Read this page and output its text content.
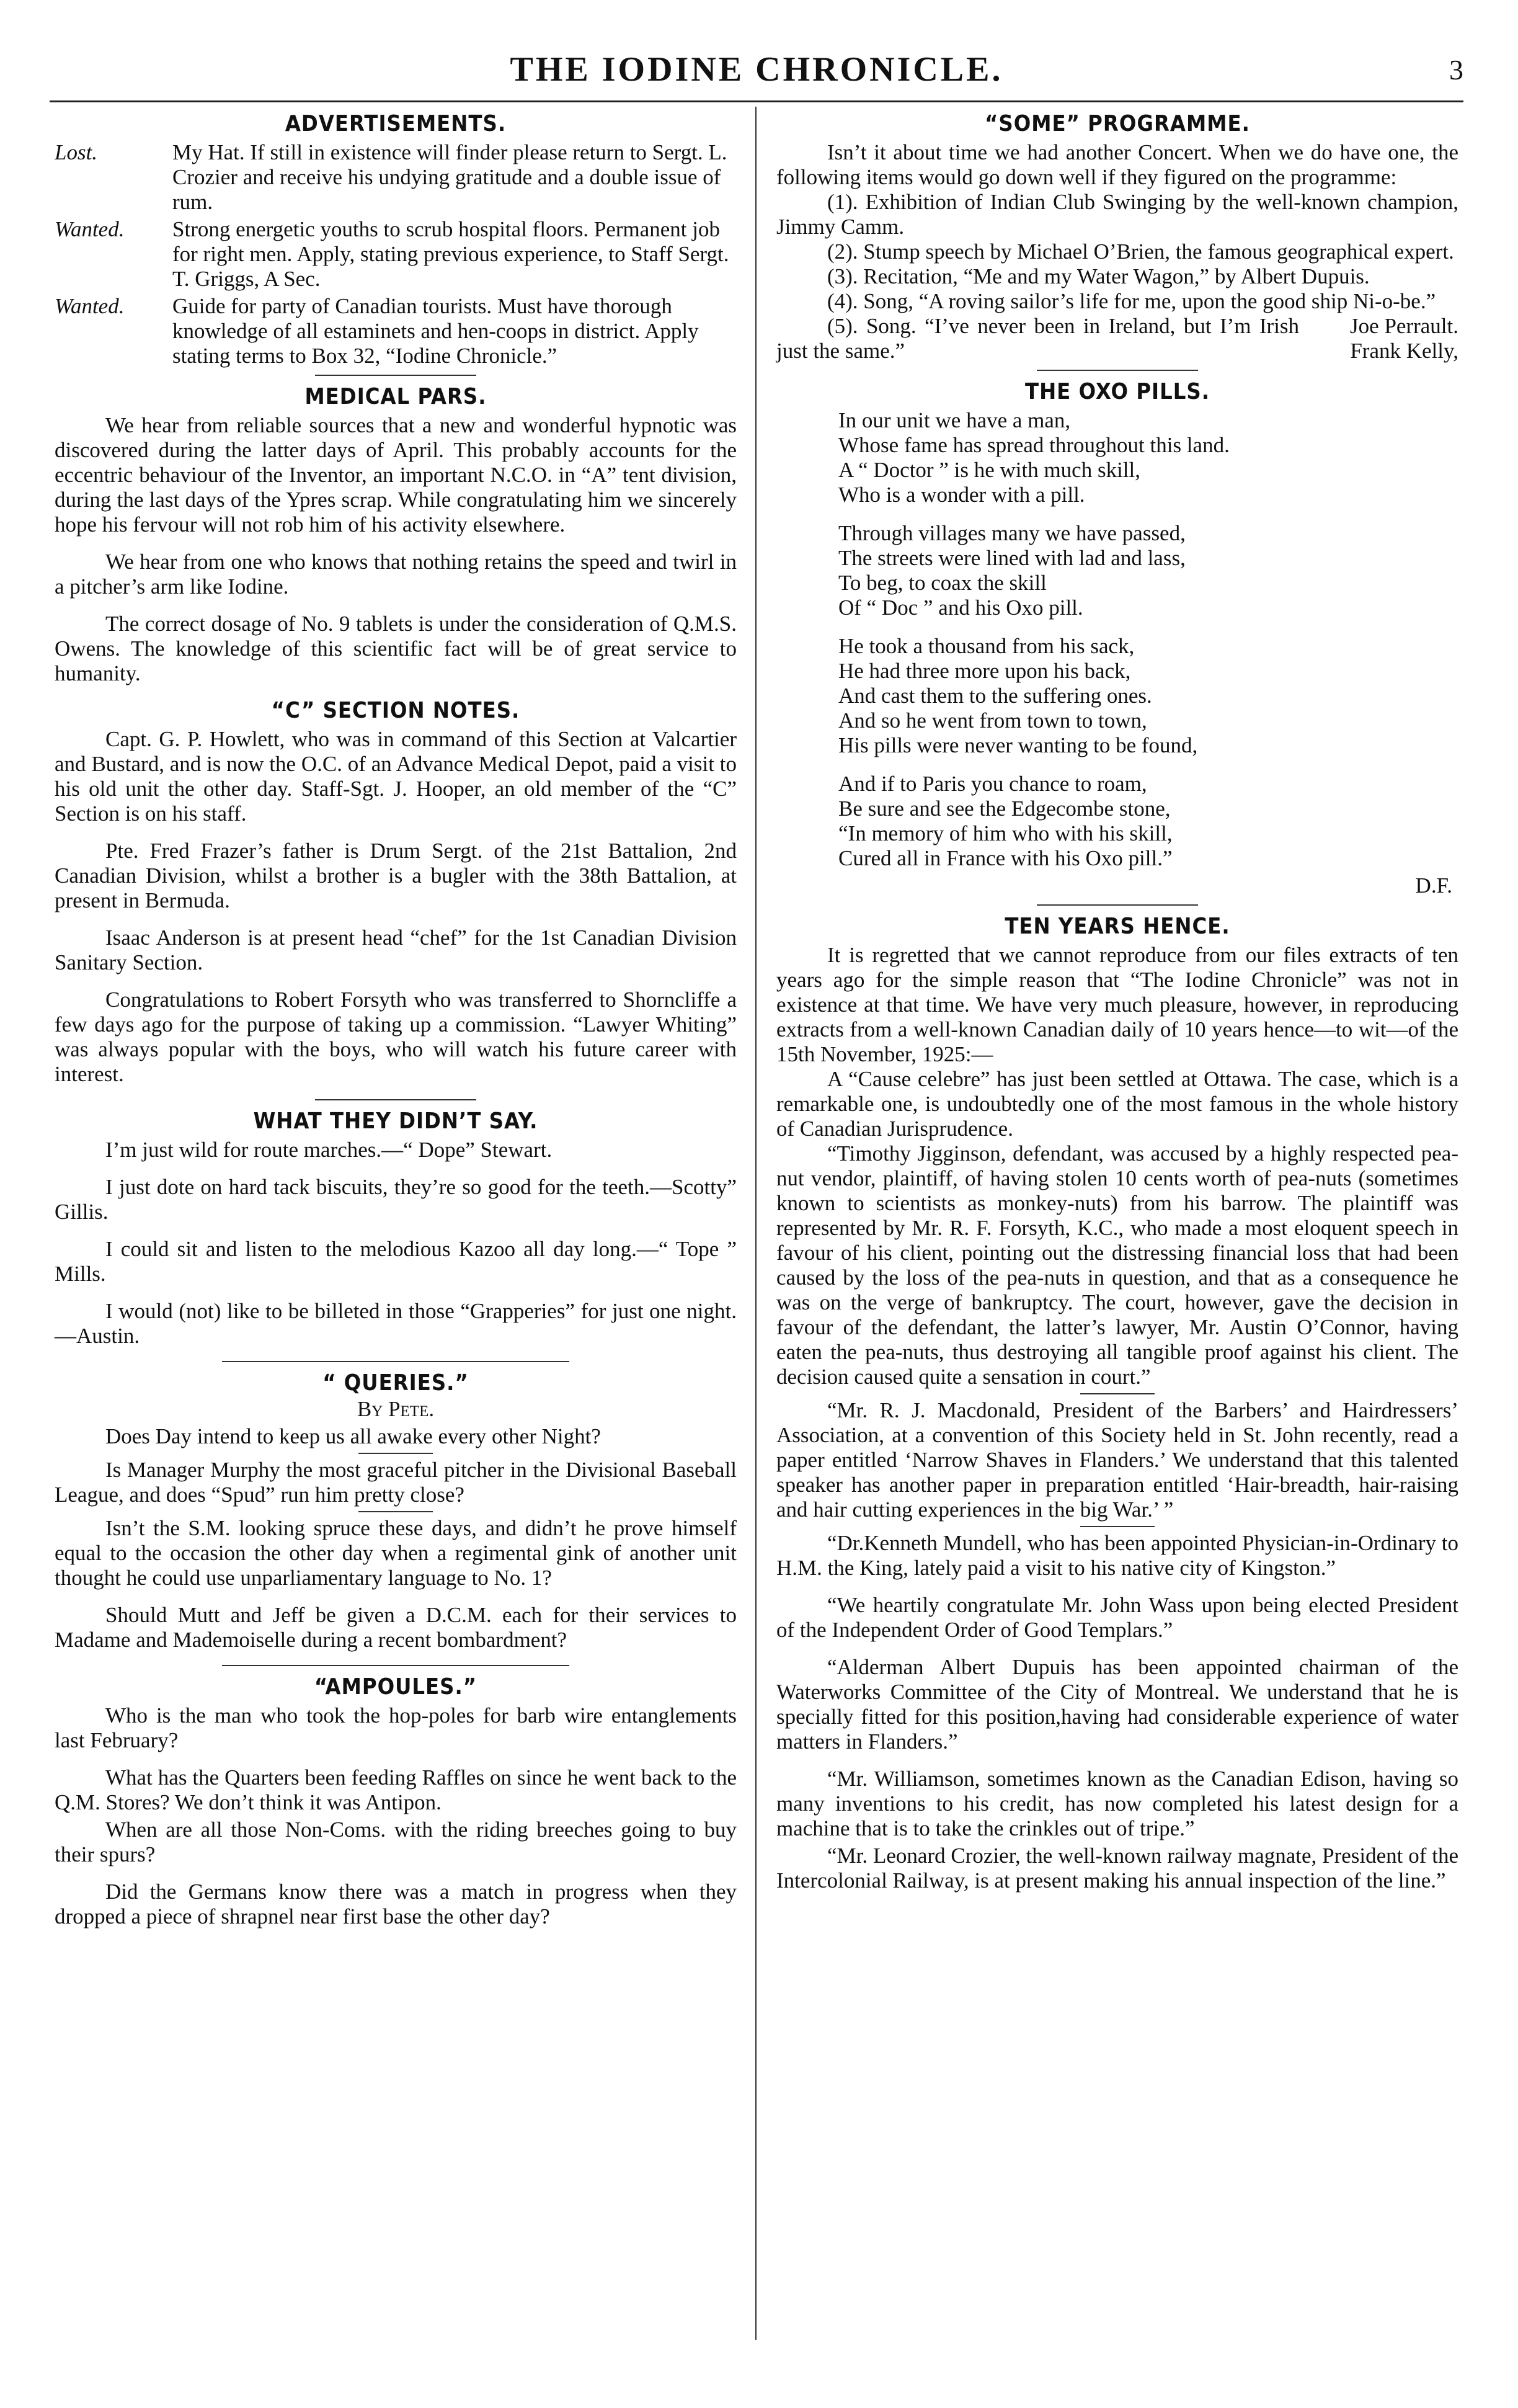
THE IODINE CHRONICLE.	3
ADVERTISEMENTS.
Lost.	My Hat. If still in existence will finder please return to Sergt. L. Crozier and receive his undying gratitude and a double issue of rum.
Wanted.	Strong energetic youths to scrub hospital floors. Permanent job for right men. Apply, stating previous experience, to Staff Sergt. T. Griggs, A Sec.
Wanted.	Guide for party of Canadian tourists. Must have thorough knowledge of all estaminets and hen-coops in district. Apply stating terms to Box 32, “Iodine Chronicle.”
MEDICAL PARS.

We hear from reliable sources that a new and wonderful hypnotic was discovered during the latter days of April. This probably accounts for the eccentric behaviour of the Inventor, an important N.C.O. in “A” tent division, during the last days of the Ypres scrap. While congratulating him we sincerely hope his fervour will not rob him of his activity elsewhere.

We hear from one who knows that nothing retains the speed and twirl in a pitcher’s arm like Iodine.

The correct dosage of No. 9 tablets is under the consideration of Q.M.S. Owens. The knowledge of this scientific fact will be of great service to humanity.

“C” SECTION NOTES.

Capt. G. P. Howlett, who was in command of this Section at Valcartier and Bustard, and is now the O.C. of an Advance Medical Depot, paid a visit to his old unit the other day. Staff-Sgt. J. Hooper, an old member of the “C” Section is on his staff.

Pte. Fred Frazer’s father is Drum Sergt. of the 21st Battalion, 2nd Canadian Division, whilst a brother is a bugler with the 38th Battalion, at present in Bermuda.

Isaac Anderson is at present head “chef” for the 1st Canadian Division Sanitary Section.

Congratulations to Robert Forsyth who was transferred to Shorncliffe a few days ago for the purpose of taking up a commission. “Lawyer Whiting” was always popular with the boys, who will watch his future career with interest.

WHAT THEY DIDN’T SAY.

I’m just wild for route marches.—“ Dope” Stewart.

I just dote on hard tack biscuits, they’re so good for the teeth.—Scotty” Gillis.

I could sit and listen to the melodious Kazoo all day long.—“ Tope ” Mills.

I would (not) like to be billeted in those “Grapperies” for just one night.—Austin.

“ QUERIES.”
By Pete.

Does Day intend to keep us all awake every other Night?

Is Manager Murphy the most graceful pitcher in the Divisional Baseball League, and does “Spud” run him pretty close?

Isn’t the S.M. looking spruce these days, and didn’t he prove himself equal to the occasion the other day when a regimental gink of another unit thought he could use unparliamentary language to No. 1?

Should Mutt and Jeff be given a D.C.M. each for their services to Madame and Mademoiselle during a recent bombardment?

“AMPOULES.”

Who is the man who took the hop-poles for barb wire entanglements last February?

What has the Quarters been feeding Raffles on since he went back to the Q.M. Stores? We don’t think it was Antipon.

When are all those Non-Coms. with the riding breeches going to buy their spurs?

Did the Germans know there was a match in progress when they dropped a piece of shrapnel near first base the other day?

“SOME” PROGRAMME.

Isn’t it about time we had another Concert. When we do have one, the following items would go down well if they figured on the programme:

(1). Exhibition of Indian Club Swinging by the well-known champion, Jimmy Camm.
(2). Stump speech by Michael O’Brien, the famous geographical expert.
(3). Recitation, “Me and my Water Wagon,” by Albert Dupuis.
(4). Song, “A roving sailor’s life for me, upon the good ship Ni-o-be.”
Joe Perrault.
(5). Song. “I’ve never been in Ireland, but I’m Irish just the same.”	Frank Kelly,
THE OXO PILLS.
In our unit we have a man,
Whose fame has spread throughout this land.
A “ Doctor ” is he with much skill,
Who is a wonder with a pill.
Through villages many we have passed,
The streets were lined with lad and lass,
To beg, to coax the skill
Of “ Doc ” and his Oxo pill.
He took a thousand from his sack,
He had three more upon his back,
And cast them to the suffering ones.
And so he went from town to town,
His pills were never wanting to be found,
And if to Paris you chance to roam,
Be sure and see the Edgecombe stone,
“In memory of him who with his skill,
Cured all in France with his Oxo pill.”
D.F.
TEN YEARS HENCE.

It is regretted that we cannot reproduce from our files extracts of ten years ago for the simple reason that “The Iodine Chronicle” was not in existence at that time. We have very much pleasure, however, in reproducing extracts from a well-known Canadian daily of 10 years hence—to wit—of the 15th November, 1925:—

A “Cause celebre” has just been settled at Ottawa. The case, which is a remarkable one, is undoubtedly one of the most famous in the whole history of Canadian Jurisprudence.

“Timothy Jigginson, defendant, was accused by a highly respected pea-nut vendor, plaintiff, of having stolen 10 cents worth of pea-nuts (sometimes known to scientists as monkey-nuts) from his barrow. The plaintiff was represented by Mr. R. F. Forsyth, K.C., who made a most eloquent speech in favour of his client, pointing out the distressing financial loss that had been caused by the loss of the pea-nuts in question, and that as a consequence he was on the verge of bankruptcy. The court, however, gave the decision in favour of the defendant, the latter’s lawyer, Mr. Austin O’Connor, having eaten the pea-nuts, thus destroying all tangible proof against his client. The decision caused quite a sensation in court.”

“Mr. R. J. Macdonald, President of the Barbers’ and Hairdressers’ Association, at a convention of this Society held in St. John recently, read a paper entitled ‘Narrow Shaves in Flanders.’ We understand that this talented speaker has another paper in preparation entitled ‘Hair-breadth, hair-raising and hair cutting experiences in the big War.’ ”

“Dr.Kenneth Mundell, who has been appointed Physician-in-Ordinary to H.M. the King, lately paid a visit to his native city of Kingston.”

“We heartily congratulate Mr. John Wass upon being elected President of the Independent Order of Good Templars.”

“Alderman Albert Dupuis has been appointed chairman of the Waterworks Committee of the City of Montreal. We understand that he is specially fitted for this position,having had considerable experience of water matters in Flanders.”

“Mr. Williamson, sometimes known as the Canadian Edison, having so many inventions to his credit, has now completed his latest design for a machine that is to take the crinkles out of tripe.”

“Mr. Leonard Crozier, the well-known railway magnate, President of the Intercolonial Railway, is at present making his annual inspection of the line.”
